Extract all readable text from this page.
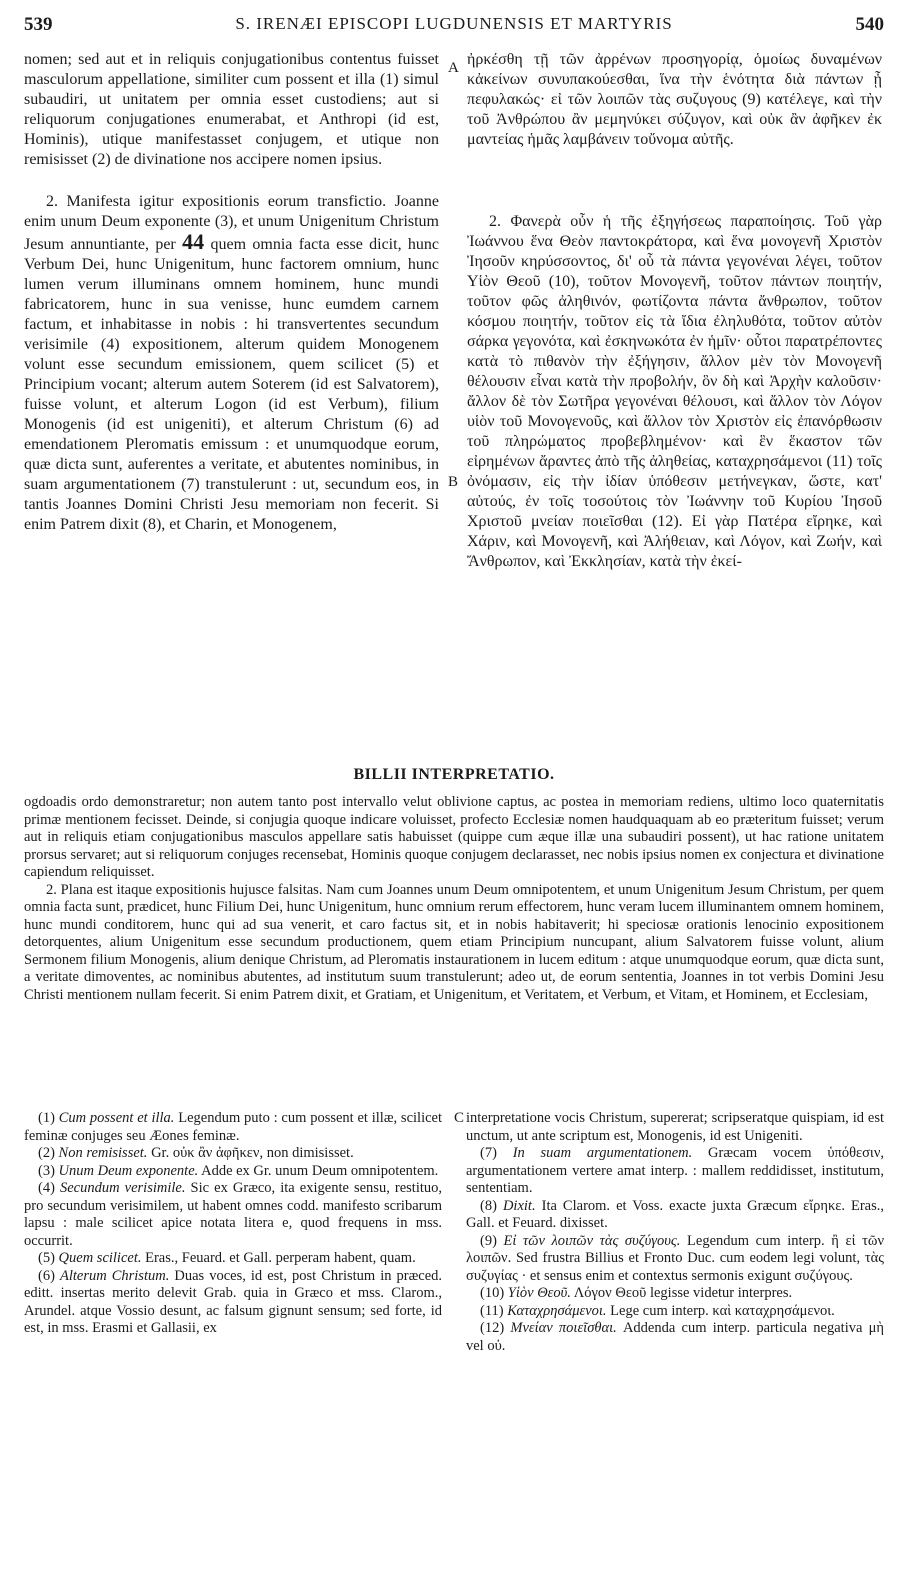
539	S. IRENÆI EPISCOPI LUGDUNENSIS ET MARTYRIS	540

nomen; sed aut et in reliquis conjugationibus contentus fuisset masculorum appellatione, similiter cum possent et illa (1) simul subaudiri, ut unitatem per omnia esset custodiens; aut si reliquorum conjugationes enumerabat, et Anthropi (id est, Hominis), utique manifestasset conjugem, et utique non remisisset (2) de divinatione nos accipere nomen ipsius.

2. Manifesta igitur expositionis eorum transfictio. Joanne enim unum Deum exponente (3), et unum Unigenitum Christum Jesum annuntiante, per 44 quem omnia facta esse dicit, hunc Verbum Dei, hunc Unigenitum, hunc factorem omnium, hunc lumen verum illuminans omnem hominem, hunc mundi fabricatorem, hunc in sua venisse, hunc eumdem carnem factum, et inhabitasse in nobis : hi transvertentes secundum verisimile (4) expositionem, alterum quidem Monogenem volunt esse secundum emissionem, quem scilicet (5) et Principium vocant; alterum autem Soterem (id est Salvatorem), fuisse volunt, et alterum Logon (id est Verbum), filium Monogenis (id est unigeniti), et alterum Christum (6) ad emendationem Pleromatis emissum : et unumquodque eorum, quæ dicta sunt, auferentes a veritate, et abutentes nominibus, in suam argumentationem (7) transtulerunt : ut, secundum eos, in tantis Joannes Domini Christi Jesu memoriam non fecerit. Si enim Patrem dixit (8), et Charin, et Monogenem,

A
B

ἠρκέσθη τῇ τῶν ἀρρένων προσηγορίᾳ, ὁμοίως δυναμένων κἀκείνων συνυπακούεσθαι, ἵνα τὴν ἑνότητα διὰ πάντων ᾖ πεφυλακώς· εἰ τῶν λοιπῶν τὰς συζυγους (9) κατέλεγε, καὶ τὴν τοῦ Ἀνθρώπου ἂν μεμηνύκει σύζυγον, καὶ οὐκ ἂν ἀφῆκεν ἐκ μαντείας ἡμᾶς λαμβάνειν τοὔνομα αὐτῆς.

2. Φανερὰ οὖν ἡ τῆς ἐξηγήσεως παραποίησις. Τοῦ γὰρ Ἰωάννου ἕνα Θεὸν παντοκράτορα, καὶ ἕνα μονογενῆ Χριστὸν Ἰησοῦν κηρύσσοντος, δι' οὗ τὰ πάντα γεγονέναι λέγει, τοῦτον Υἱὸν Θεοῦ (10), τοῦτον Μονογενῆ, τοῦτον πάντων ποιητήν, τοῦτον φῶς ἀληθινόν, φωτίζοντα πάντα ἄνθρωπον, τοῦτον κόσμου ποιητήν, τοῦτον εἰς τὰ ἴδια ἐληλυθότα, τοῦτον αὐτὸν σάρκα γεγονότα, καὶ ἐσκηνωκότα ἐν ἡμῖν· οὗτοι παρατρέποντες κατὰ τὸ πιθανὸν τὴν ἐξήγησιν, ἄλλον μὲν τὸν Μονογενῆ θέλουσιν εἶναι κατὰ τὴν προβολήν, ὃν δὴ καὶ Ἀρχὴν καλοῦσιν· ἄλλον δὲ τὸν Σωτῆρα γεγονέναι θέλουσι, καὶ ἄλλον τὸν Λόγον υἱὸν τοῦ Μονογενοῦς, καὶ ἄλλον τὸν Χριστὸν εἰς ἐπανόρθωσιν τοῦ πληρώματος προβεβλημένον· καὶ ἓν ἕκαστον τῶν εἰρημένων ἄραντες ἀπὸ τῆς ἀληθείας, καταχρησάμενοι (11) τοῖς ὀνόμασιν, εἰς τὴν ἰδίαν ὑπόθεσιν μετήνεγκαν, ὥστε, κατ' αὐτούς, ἐν τοῖς τοσούτοις τὸν Ἰωάννην τοῦ Κυρίου Ἰησοῦ Χριστοῦ μνείαν ποιεῖσθαι (12). Εἰ γὰρ Πατέρα εἴρηκε, καὶ Χάριν, καὶ Μονογενῆ, καὶ Ἀλήθειαν, καὶ Λόγον, καὶ Ζωήν, καὶ Ἄνθρωπον, καὶ Ἐκκλησίαν, κατὰ τὴν ἐκεί-

BILLII INTERPRETATIO.

ogdoadis ordo demonstraretur; non autem tanto post intervallo velut oblivione captus, ac postea in memoriam rediens, ultimo loco quaternitatis primæ mentionem fecisset. Deinde, si conjugia quoque indicare voluisset, profecto Ecclesiæ nomen haudquaquam ab eo præteritum fuisset; verum aut in reliquis etiam conjugationibus masculos appellare satis habuisset (quippe cum æque illæ una subaudiri possent), ut hac ratione unitatem prorsus servaret; aut si reliquorum conjuges recensebat, Hominis quoque conjugem declarasset, nec nobis ipsius nomen ex conjectura et divinatione capiendum reliquisset.

2. Plana est itaque expositionis hujusce falsitas. Nam cum Joannes unum Deum omnipotentem, et unum Unigenitum Jesum Christum, per quem omnia facta sunt, prædicet, hunc Filium Dei, hunc Unigenitum, hunc omnium rerum effectorem, hunc veram lucem illuminantem omnem hominem, hunc mundi conditorem, hunc qui ad sua venerit, et caro factus sit, et in nobis habitaverit; hi speciosæ orationis lenocinio expositionem detorquentes, alium Unigenitum esse secundum productionem, quem etiam Principium nuncupant, alium Salvatorem fuisse volunt, alium Sermonem filium Monogenis, alium denique Christum, ad Pleromatis instaurationem in lucem editum : atque unumquodque eorum, quæ dicta sunt, a veritate dimoventes, ac nominibus abutentes, ad institutum suum transtulerunt; adeo ut, de eorum sententia, Joannes in tot verbis Domini Jesu Christi mentionem nullam fecerit. Si enim Patrem dixit, et Gratiam, et Unigenitum, et Veritatem, et Verbum, et Vitam, et Hominem, et Ecclesiam,

(1) Cum possent et illa. Legendum puto : cum possent et illæ, scilicet feminæ conjuges seu Æones feminæ.

(2) Non remisisset. Gr. οὐκ ἂν ἀφῆκεν, non dimisisset.

(3) Unum Deum exponente. Adde ex Gr. unum Deum omnipotentem.

(4) Secundum verisimile. Sic ex Græco, ita exigente sensu, restituo, pro secundum verisimilem, ut habent omnes codd. manifesto scribarum lapsu : male scilicet apice notata litera e, quod frequens in mss. occurrit.

(5) Quem scilicet. Eras., Feuard. et Gall. perperam habent, quam.

(6) Alterum Christum. Duas voces, id est, post Christum in præced. editt. insertas merito delevit Grab. quia in Græco et mss. Clarom., Arundel. atque Vossio desunt, ac falsum gignunt sensum; sed forte, id est, in mss. Erasmi et Gallasii, ex

C interpretatione vocis Christum, supererat; scripseratque quispiam, id est unctum, ut ante scriptum est, Monogenis, id est Unigeniti.

(7) In suam argumentationem. Græcam vocem ὑπόθεσιν, argumentationem vertere amat interp. : mallem reddidisset, institutum, sententiam.

(8) Dixit. Ita Clarom. et Voss. exacte juxta Græcum εἴρηκε. Eras., Gall. et Feuard. dixisset.

(9) Εἰ τῶν λοιπῶν τὰς συζύγους. Legendum cum interp. ἢ εἰ τῶν λοιπῶν. Sed frustra Billius et Fronto Duc. cum eodem legi volunt, τὰς συζυγίας · et sensus enim et contextus sermonis exigunt συζύγους.

(10) Υἱὸν Θεοῦ. Λόγον Θεοῦ legisse videtur interpres.

(11) Καταχρησάμενοι. Lege cum interp. καὶ καταχρησάμενοι.

(12) Μνείαν ποιεῖσθαι. Addenda cum interp. particula negativa μὴ vel οὐ.
